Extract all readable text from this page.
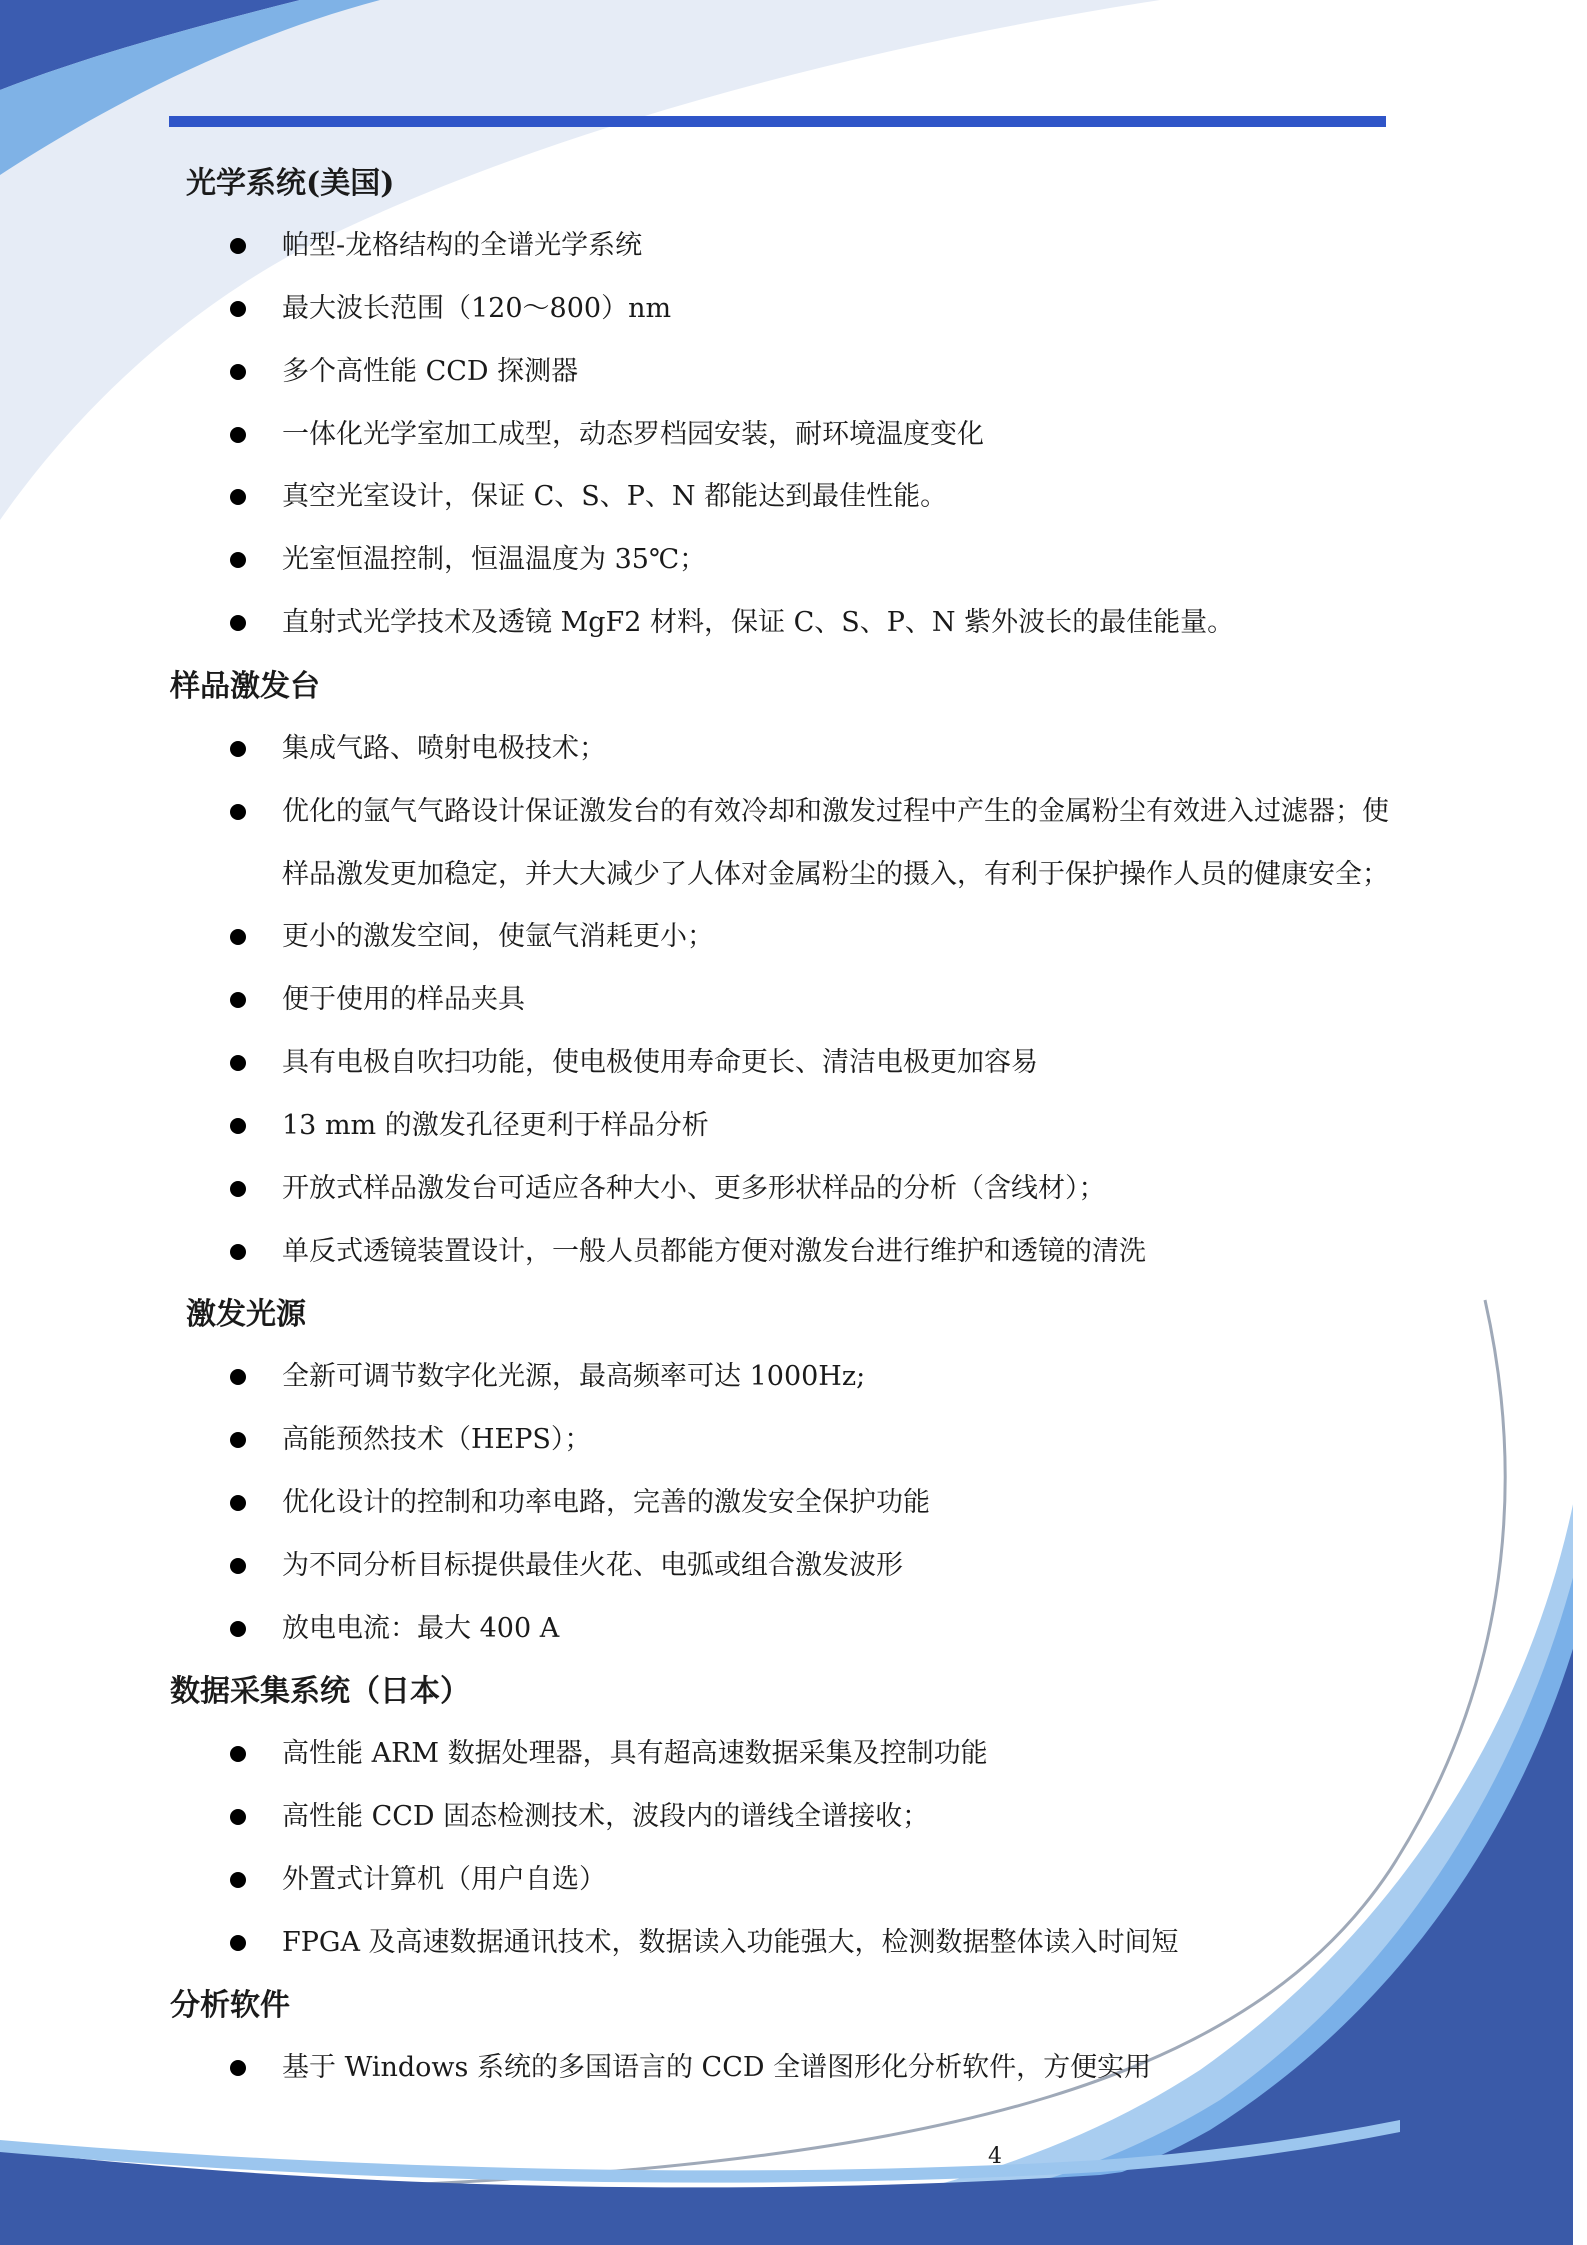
光学系统(美国)
帕型-龙格结构的全谱光学系统
最大波长范围（120～800）nm
多个高性能 CCD 探测器
一体化光学室加工成型，动态罗档园安装，耐环境温度变化
真空光室设计，保证 C、S、P、N 都能达到最佳性能。
光室恒温控制，恒温温度为 35℃；
直射式光学技术及透镜 MgF2 材料，保证 C、S、P、N 紫外波长的最佳能量。
样品激发台
集成气路、喷射电极技术；
优化的氩气气路设计保证激发台的有效冷却和激发过程中产生的金属粉尘有效进入过滤器；使
样品激发更加稳定，并大大减少了人体对金属粉尘的摄入，有利于保护操作人员的健康安全；
更小的激发空间，使氩气消耗更小；
便于使用的样品夹具
具有电极自吹扫功能，使电极使用寿命更长、清洁电极更加容易
13 mm 的激发孔径更利于样品分析
开放式样品激发台可适应各种大小、更多形状样品的分析（含线材）；
单反式透镜装置设计，一般人员都能方便对激发台进行维护和透镜的清洗
激发光源
全新可调节数字化光源，最高频率可达 1000Hz;
高能预然技术（HEPS）；
优化设计的控制和功率电路，完善的激发安全保护功能
为不同分析目标提供最佳火花、电弧或组合激发波形
放电电流：最大 400 A
数据采集系统（日本）
高性能 ARM 数据处理器，具有超高速数据采集及控制功能
高性能 CCD 固态检测技术，波段内的谱线全谱接收；
外置式计算机（用户自选）
FPGA 及高速数据通讯技术，数据读入功能强大，检测数据整体读入时间短
分析软件
基于 Windows 系统的多国语言的 CCD 全谱图形化分析软件，方便实用
4
